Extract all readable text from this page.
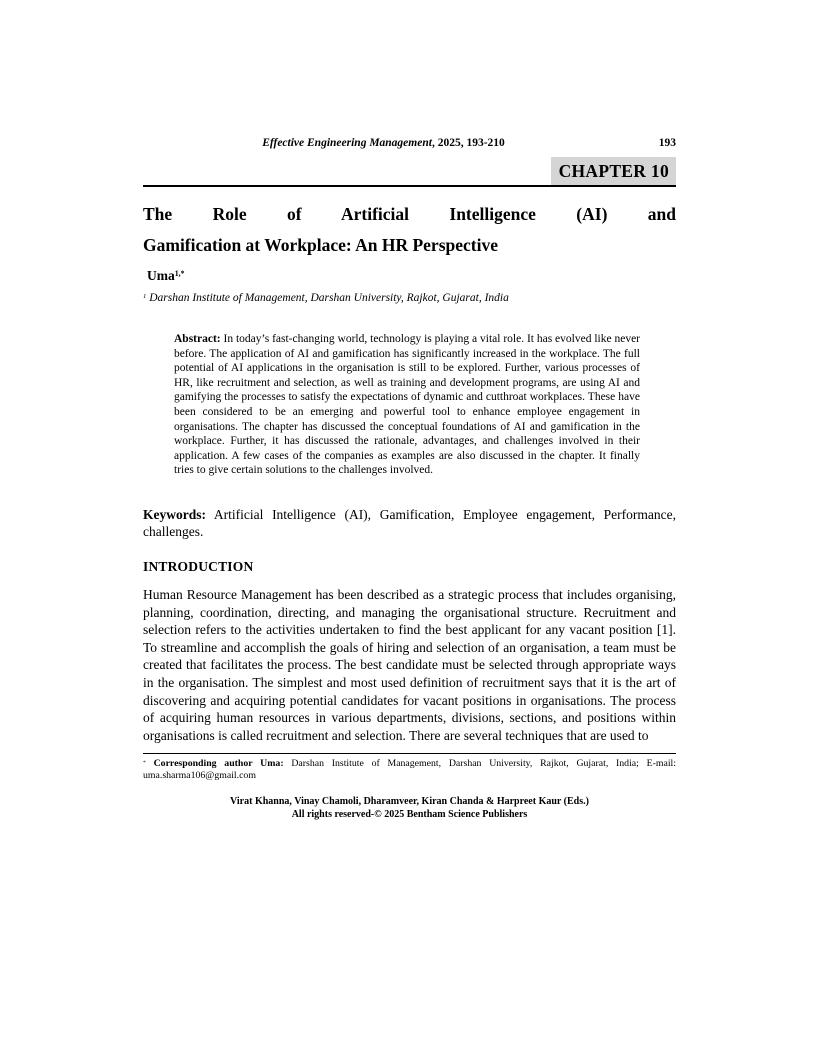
Effective Engineering Management, 2025, 193-210	193
CHAPTER 10
The Role of Artificial Intelligence (AI) and
Gamification at Workplace: An HR Perspective
Uma$^{1,*}$
$^1$ Darshan Institute of Management, Darshan University, Rajkot, Gujarat, India
Abstract: In today’s fast-changing world, technology is playing a vital role. It has evolved like never before. The application of AI and gamification has significantly increased in the workplace. The full potential of AI applications in the organisation is still to be explored. Further, various processes of HR, like recruitment and selection, as well as training and development programs, are using AI and gamifying the processes to satisfy the expectations of dynamic and cutthroat workplaces. These have been considered to be an emerging and powerful tool to enhance employee engagement in organisations. The chapter has discussed the conceptual foundations of AI and gamification in the workplace. Further, it has discussed the rationale, advantages, and challenges involved in their application. A few cases of the companies as examples are also discussed in the chapter. It finally tries to give certain solutions to the challenges involved.
Keywords: Artificial Intelligence (AI), Gamification, Employee engagement, Performance, challenges.
INTRODUCTION

Human Resource Management has been described as a strategic process that includes organising, planning, coordination, directing, and managing the organisational structure. Recruitment and selection refers to the activities undertaken to find the best applicant for any vacant position [1]. To streamline and accomplish the goals of hiring and selection of an organisation, a team must be created that facilitates the process. The best candidate must be selected through appropriate ways in the organisation. The simplest and most used definition of recruitment says that it is the art of discovering and acquiring potential candidates for vacant positions in organisations. The process of acquiring human resources in various departments, divisions, sections, and positions within organisations is called recruitment and selection. There are several techniques that are used to

* Corresponding author Uma: Darshan Institute of Management, Darshan University, Rajkot, Gujarat, India; E-mail: uma.sharma106@gmail.com
Virat Khanna, Vinay Chamoli, Dharamveer, Kiran Chanda & Harpreet Kaur (Eds.)
All rights reserved-© 2025 Bentham Science Publishers
